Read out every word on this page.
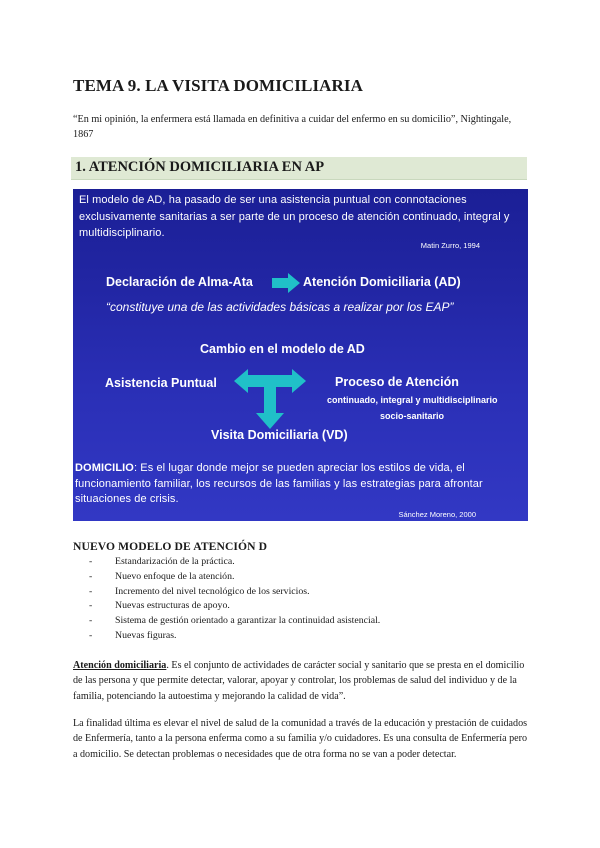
TEMA 9. LA VISITA DOMICILIARIA
“En mi opinión, la enfermera está llamada en definitiva a cuidar del enfermo en su domicilio”, Nightingale, 1867
1. ATENCIÓN DOMICILIARIA EN AP
El modelo de AD, ha pasado de ser una asistencia puntual con connotaciones exclusivamente sanitarias a ser parte de un proceso de atención continuado, integral y multidisciplinario.
Matin Zurro, 1994
Declaración de Alma-Ata	Atención Domiciliaria (AD)
“constituye una de las actividades básicas a realizar por los EAP”
Cambio en el modelo de AD
Asistencia Puntual	Proceso de Atención
continuado, integral y multidisciplinario
socio-sanitario
Visita Domiciliaria (VD)
DOMICILIO: Es el lugar donde mejor se pueden apreciar los estilos de vida, el funcionamiento familiar, los recursos de las familias y las estrategias para afrontar situaciones de crisis.
Sánchez Moreno, 2000
NUEVO MODELO DE ATENCIÓN D
- Estandarización de la práctica.
- Nuevo enfoque de la atención.
- Incremento del nivel tecnológico de los servicios.
- Nuevas estructuras de apoyo.
- Sistema de gestión orientado a garantizar la continuidad asistencial.
- Nuevas figuras.

Atención domiciliaria. Es el conjunto de actividades de carácter social y sanitario que se presta en el domicilio de las persona y que permite detectar, valorar, apoyar y controlar, los problemas de salud del individuo y de la familia, potenciando la autoestima y mejorando la calidad de vida”.

La finalidad última es elevar el nivel de salud de la comunidad a través de la educación y prestación de cuidados de Enfermería, tanto a la persona enferma como a su familia y/o cuidadores. Es una consulta de Enfermería pero a domicilio. Se detectan problemas o necesidades que de otra forma no se van a poder detectar.
